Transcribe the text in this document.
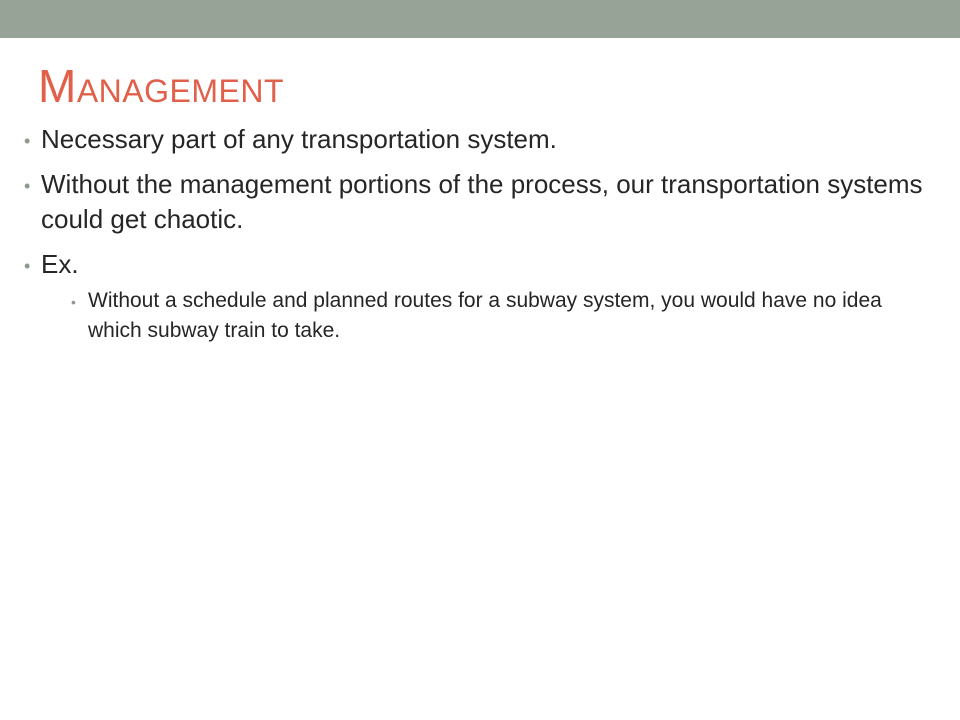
Management
• Necessary part of any transportation system.
• Without the management portions of the process, our transportation systems could get chaotic.
• Ex.
• Without a schedule and planned routes for a subway system, you would have no idea which subway train to take.
